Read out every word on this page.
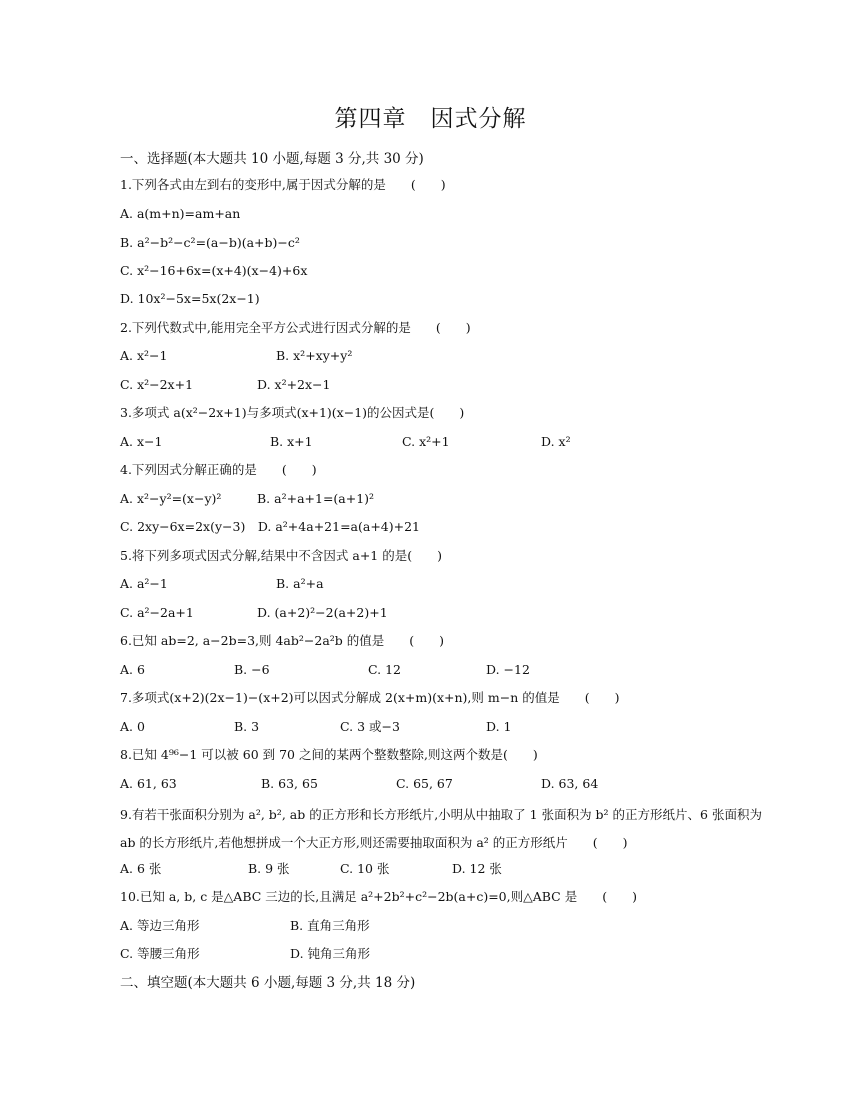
第四章　因式分解
一、选择题(本大题共 10 小题,每题 3 分,共 30 分)
1.下列各式由左到右的变形中,属于因式分解的是　　(　　)
A. a(m+n)=am+an
B. a²−b²−c²=(a−b)(a+b)−c²
C. x²−16+6x=(x+4)(x−4)+6x
D. 10x²−5x=5x(2x−1)
2.下列代数式中,能用完全平方公式进行因式分解的是　　(　　)
A. x²−1	B. x²+xy+y²
C. x²−2x+1	D. x²+2x−1
3.多项式 a(x²−2x+1)与多项式(x+1)(x−1)的公因式是(　　)
A. x−1	B. x+1	C. x²+1	D. x²
4.下列因式分解正确的是　　(　　)
A. x²−y²=(x−y)²	B. a²+a+1=(a+1)²
C. 2xy−6x=2x(y−3)　D. a²+4a+21=a(a+4)+21
5.将下列多项式因式分解,结果中不含因式 a+1 的是(　　)
A. a²−1	B. a²+a
C. a²−2a+1	D. (a+2)²−2(a+2)+1
6.已知 ab=2, a−2b=3,则 4ab²−2a²b 的值是　　(　　)
A. 6	B. −6	C. 12	D. −12
7.多项式(x+2)(2x−1)−(x+2)可以因式分解成 2(x+m)(x+n),则 m−n 的值是　　(　　)
A. 0	B. 3	C. 3 或−3	D. 1
8.已知 4⁹⁶−1 可以被 60 到 70 之间的某两个整数整除,则这两个数是(　　)
A. 61, 63	B. 63, 65	C. 65, 67	D. 63, 64
9.有若干张面积分别为 a², b², ab 的正方形和长方形纸片,小明从中抽取了 1 张面积为 b² 的正方形纸片、6 张面积为 ab 的长方形纸片,若他想拼成一个大正方形,则还需要抽取面积为 a² 的正方形纸片　　(　　)
A. 6 张	B. 9 张	C. 10 张	D. 12 张
10.已知 a, b, c 是△ABC 三边的长,且满足 a²+2b²+c²−2b(a+c)=0,则△ABC 是　　(　　)
A. 等边三角形	B. 直角三角形
C. 等腰三角形	D. 钝角三角形
二、填空题(本大题共 6 小题,每题 3 分,共 18 分)
